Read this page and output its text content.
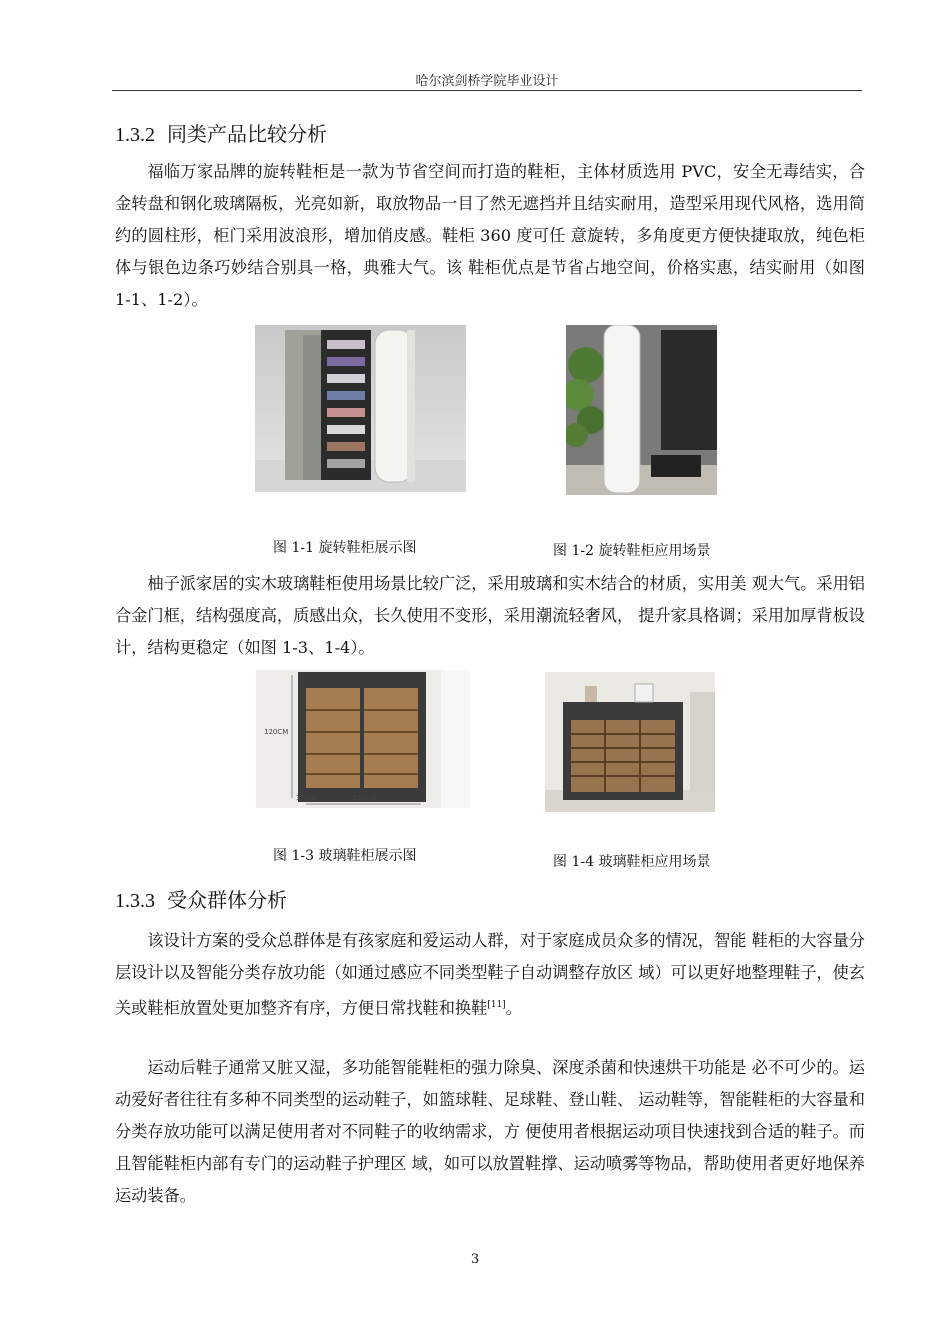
哈尔滨剑桥学院毕业设计
1.3.2 同类产品比较分析

福临万家品牌的旋转鞋柜是一款为节省空间而打造的鞋柜，主体材质选用 PVC，安全无毒结实，合金转盘和钢化玻璃隔板，光亮如新，取放物品一目了然无遮挡并且结实耐用，造型采用现代风格，选用简约的圆柱形，柜门采用波浪形，增加俏皮感。鞋柜 360 度可任 意旋转，多角度更方便快捷取放，纯色柜体与银色边条巧妙结合别具一格，典雅大气。该 鞋柜优点是节省占地空间，价格实惠，结实耐用（如图 1-1、1-2）。

图 1-1 旋转鞋柜展示图	图 1-2 旋转鞋柜应用场景

柚子派家居的实木玻璃鞋柜使用场景比较广泛，采用玻璃和实木结合的材质，实用美 观大气。采用铝合金门框，结构强度高，质感出众，长久使用不变形，采用潮流轻奢风， 提升家具格调；采用加厚背板设计，结构更稳定（如图 1-3、1-4）。

120CM
120CM
37CM
图 1-3 玻璃鞋柜展示图	图 1-4 玻璃鞋柜应用场景
1.3.3 受众群体分析

该设计方案的受众总群体是有孩家庭和爱运动人群，对于家庭成员众多的情况，智能 鞋柜的大容量分层设计以及智能分类存放功能（如通过感应不同类型鞋子自动调整存放区 域）可以更好地整理鞋子，使玄关或鞋柜放置处更加整齐有序，方便日常找鞋和换鞋[11]。

运动后鞋子通常又脏又湿，多功能智能鞋柜的强力除臭、深度杀菌和快速烘干功能是 必不可少的。运动爱好者往往有多种不同类型的运动鞋子，如篮球鞋、足球鞋、登山鞋、 运动鞋等，智能鞋柜的大容量和分类存放功能可以满足使用者对不同鞋子的收纳需求，方 便使用者根据运动项目快速找到合适的鞋子。而且智能鞋柜内部有专门的运动鞋子护理区 域，如可以放置鞋撑、运动喷雾等物品，帮助使用者更好地保养运动装备。

3
